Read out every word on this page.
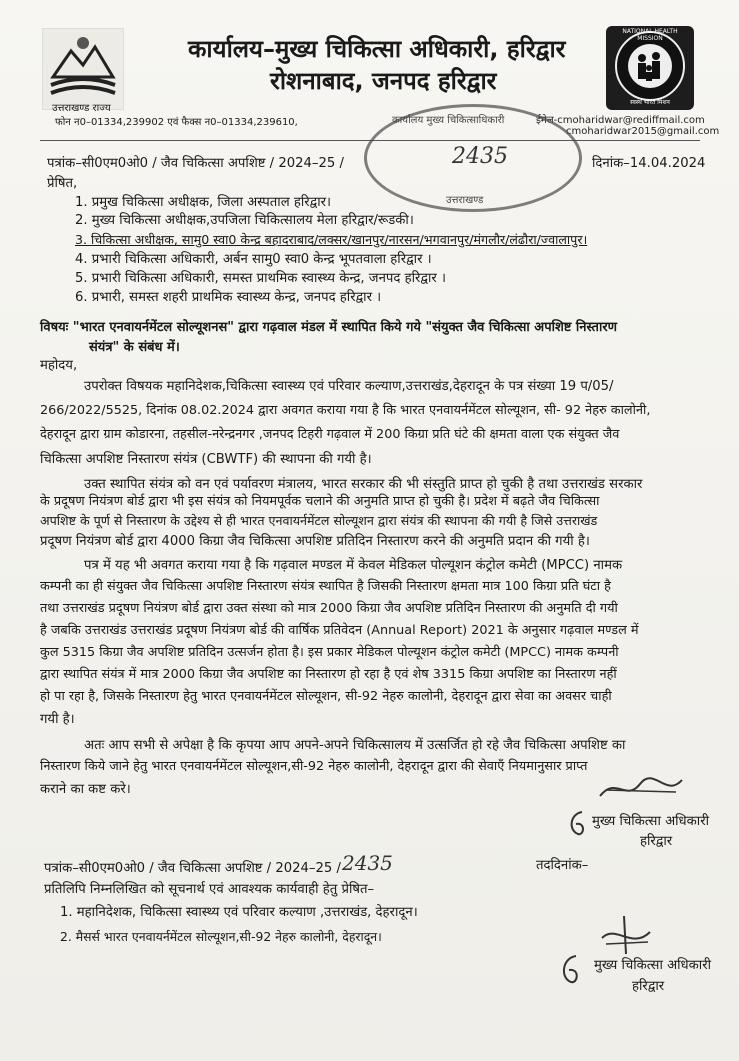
उत्तराखण्ड राज्य
कार्यालय–मुख्य चिकित्सा अधिकारी, हरिद्वार
रोशनाबाद, जनपद हरिद्वार
NATIONAL HEALTH MISSION
स्वस्थ भारत मिशन
फोन न0–01334,239902 एवं फैक्स न0–01334,239610,	ईमेल-cmoharidwar@rediffmail.com
cmoharidwar2015@gmail.com
कार्यालय मुख्य चिकित्साधिकारी
2435
उत्तराखण्ड
पत्रांक–सी0एम0ओ0 / जैव चिकित्सा अपशिष्ट / 2024–25 /	दिनांक–14.04.2024
प्रेषित,
1. प्रमुख चिकित्सा अधीक्षक, जिला अस्पताल हरिद्वार।
2. मुख्य चिकित्सा अधीक्षक,उपजिला चिकित्सालय मेला हरिद्वार/रूडकी।
3. चिकित्सा अधीक्षक, सामु0 स्वा0 केन्द्र बहादराबाद/लक्सर/खानपुर/नारसन/भगवानपुर/मंगलौर/लंढौरा/ज्वालापुर।
4. प्रभारी चिकित्सा अधिकारी, अर्बन सामु0 स्वा0 केन्द्र भूपतवाला हरिद्वार ।
5. प्रभारी चिकित्सा अधिकारी, समस्त प्राथमिक स्वास्थ्य केन्द्र, जनपद हरिद्वार ।
6. प्रभारी, समस्त शहरी प्राथमिक स्वास्थ्य केन्द्र, जनपद हरिद्वार ।
विषयः "भारत एनवायर्नमेंटल सोल्यूशनस" द्वारा गढ़वाल मंडल में स्थापित किये गये "संयुक्त जैव चिकित्सा अपशिष्ट निस्तारण
संयंत्र" के संबंध में।
महोदय,
उपरोक्त विषयक महानिदेशक,चिकित्सा स्वास्थ्य एवं परिवार कल्याण,उत्तराखंड,देहरादून के पत्र संख्या 19 प/05/
266/2022/5525, दिनांक 08.02.2024 द्वारा अवगत कराया गया है कि भारत एनवायर्नमेंटल सोल्यूशन, सी- 92 नेहरु कालोनी,
देहरादून द्वारा ग्राम कोडारना, तहसील-नरेन्द्रनगर ,जनपद टिहरी गढ़वाल में 200 किग्रा प्रति घंटे की क्षमता वाला एक संयुक्त जैव
चिकित्सा अपशिष्ट निस्तारण संयंत्र (CBWTF) की स्थापना की गयी है।
उक्त स्थापित संयंत्र को वन एवं पर्यावरण मंत्रालय, भारत सरकार की भी संस्तुति प्राप्त हो चुकी है तथा उत्तराखंड सरकार
के प्रदूषण नियंत्रण बोर्ड द्वारा भी इस संयंत्र को नियमपूर्वक चलाने की अनुमति प्राप्त हो चुकी है। प्रदेश में बढ़ते जैव चिकित्सा
अपशिष्ट के पूर्ण से निस्तारण के उद्देश्य से ही भारत एनवायर्नमेंटल सोल्यूशन द्वारा संयंत्र की स्थापना की गयी है जिसे उत्तराखंड
प्रदूषण नियंत्रण बोर्ड द्वारा 4000 किग्रा जैव चिकित्सा अपशिष्ट प्रतिदिन निस्तारण करने की अनुमति प्रदान की गयी है।
पत्र में यह भी अवगत कराया गया है कि गढ़वाल मण्डल में केवल मेडिकल पोल्यूशन कंट्रोल कमेटी (MPCC) नामक
कम्पनी का ही संयुक्त जैव चिकित्सा अपशिष्ट निस्तारण संयंत्र स्थापित है जिसकी निस्तारण क्षमता मात्र 100 किग्रा प्रति घंटा है
तथा उत्तराखंड प्रदूषण नियंत्रण बोर्ड द्वारा उक्त संस्था को मात्र 2000 किग्रा जैव अपशिष्ट प्रतिदिन निस्तारण की अनुमति दी गयी
है जबकि उत्तराखंड उत्तराखंड प्रदूषण नियंत्रण बोर्ड की वार्षिक प्रतिवेदन (Annual Report) 2021 के अनुसार गढ़वाल मण्डल में
कुल 5315 किग्रा जैव अपशिष्ट प्रतिदिन उत्सर्जन होता है। इस प्रकार मेडिकल पोल्यूशन कंट्रोल कमेटी (MPCC) नामक कम्पनी
द्वारा स्थापित संयंत्र में मात्र 2000 किग्रा जैव अपशिष्ट का निस्तारण हो रहा है एवं शेष 3315 किग्रा अपशिष्ट का निस्तारण नहीं
हो पा रहा है, जिसके निस्तारण हेतु भारत एनवायर्नमेंटल सोल्यूशन, सी-92 नेहरु कालोनी, देहरादून द्वारा सेवा का अवसर चाही
गयी है।
अतः आप सभी से अपेक्षा है कि कृपया आप अपने-अपने चिकित्सालय में उत्सर्जित हो रहे जैव चिकित्सा अपशिष्ट का
निस्तारण किये जाने हेतु भारत एनवायर्नमेंटल सोल्यूशन,सी-92 नेहरु कालोनी, देहरादून द्वारा की सेवाएँ नियमानुसार प्राप्त
कराने का कष्ट करे।
मुख्य चिकित्सा अधिकारी
हरिद्वार
पत्रांक–सी0एम0ओ0 / जैव चिकित्सा अपशिष्ट / 2024–25 / 2435	तददिनांक–
प्रतिलिपि निम्नलिखित को सूचनार्थ एवं आवश्यक कार्यवाही हेतु प्रेषित–
1. महानिदेशक, चिकित्सा स्वास्थ्य एवं परिवार कल्याण ,उत्तराखंड, देहरादून।
2. मैसर्स भारत एनवायर्नमेंटल सोल्यूशन,सी-92 नेहरु कालोनी, देहरादून।
मुख्य चिकित्सा अधिकारी
हरिद्वार
